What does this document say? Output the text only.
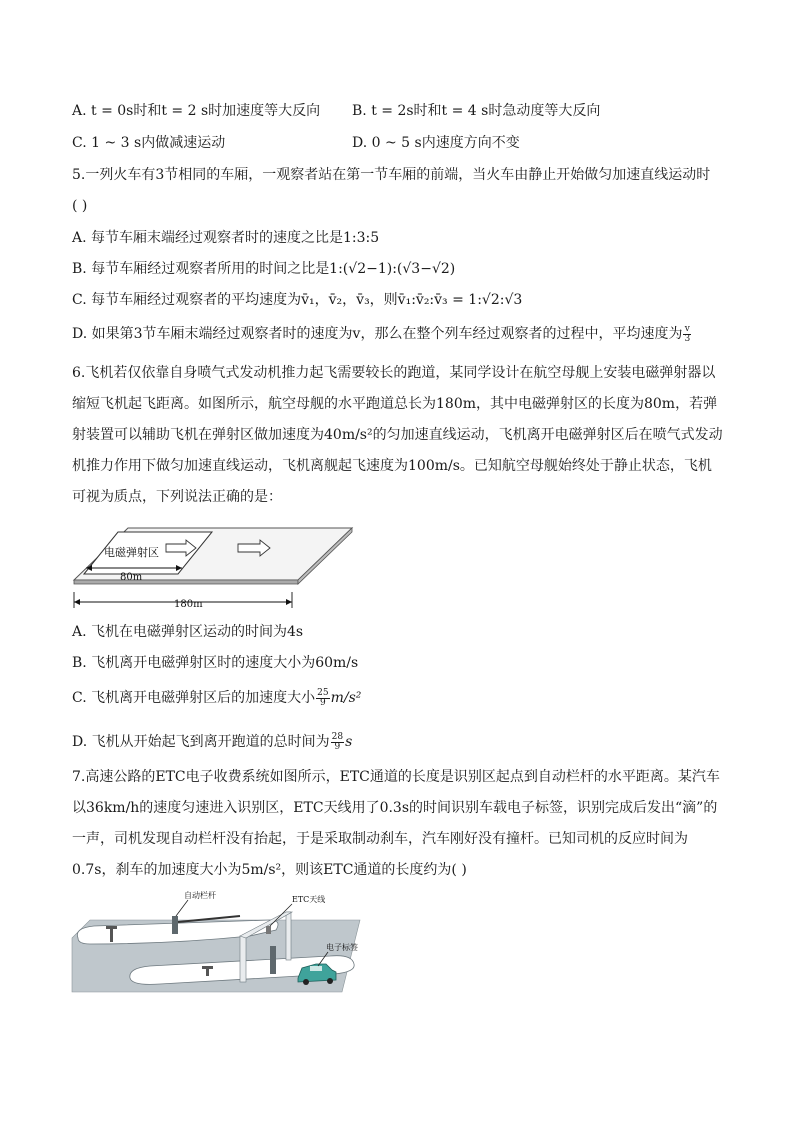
A. t = 0s时和t = 2 s时加速度等大反向 B. t = 2s时和t = 4 s时急动度等大反向
C. 1 ~ 3 s内做减速运动	D. 0 ~ 5 s内速度方向不变
5.一列火车有3节相同的车厢，一观察者站在第一节车厢的前端，当火车由静止开始做匀加速直线运动时
( )
A. 每节车厢末端经过观察者时的速度之比是1:3:5
B. 每节车厢经过观察者所用的时间之比是1:(√2−1):(√3−√2)
C. 每节车厢经过观察者的平均速度为v̄₁，v̄₂，v̄₃，则v̄₁:v̄₂:v̄₃ = 1:√2:√3
D. 如果第3节车厢末端经过观察者时的速度为v，那么在整个列车经过观察者的过程中，平均速度为 $\frac{v}{3}$
6.飞机若仅依靠自身喷气式发动机推力起飞需要较长的跑道，某同学设计在航空母舰上安装电磁弹射器以
缩短飞机起飞距离。如图所示，航空母舰的水平跑道总长为180m，其中电磁弹射区的长度为80m，若弹
射装置可以辅助飞机在弹射区做加速度为40m/s²的匀加速直线运动，飞机离开电磁弹射区后在喷气式发动
机推力作用下做匀加速直线运动，飞机离舰起飞速度为100m/s。已知航空母舰始终处于静止状态，飞机
可视为质点，下列说法正确的是：
电磁弹射区
80m
180m
A. 飞机在电磁弹射区运动的时间为4s
B. 飞机离开电磁弹射区时的速度大小为60m/s
C. 飞机离开电磁弹射区后的加速度大小 $\frac{25}{9} m/s^2$
D. 飞机从开始起飞到离开跑道的总时间为 $\frac{28}{9}$ s
7.高速公路的ETC电子收费系统如图所示，ETC通道的长度是识别区起点到自动栏杆的水平距离。某汽车
以36km/h的速度匀速进入识别区，ETC天线用了0.3s的时间识别车载电子标签，识别完成后发出“滴”的
一声，司机发现自动栏杆没有抬起，于是采取制动刹车，汽车刚好没有撞杆。已知司机的反应时间为
0.7s，刹车的加速度大小为5m/s²，则该ETC通道的长度约为( )
自动栏杆	ETC天线
电子标签
